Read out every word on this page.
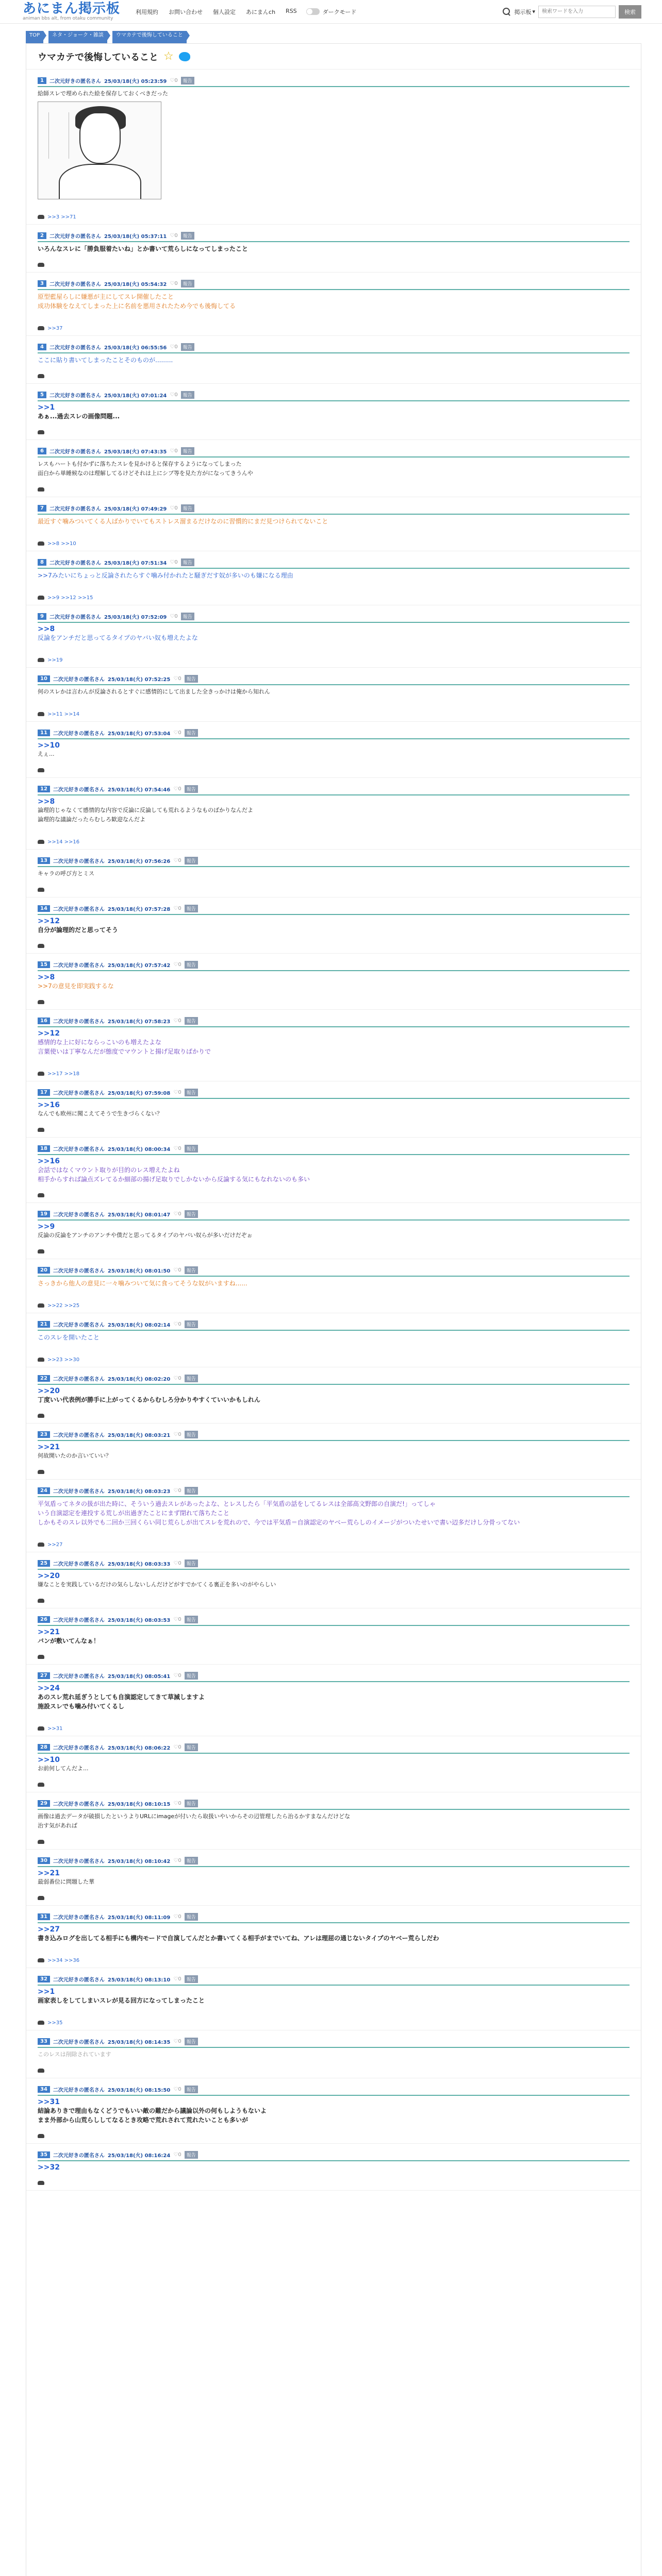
あにまん掲示板
animan bbs alt, from otaku community
利用規約 お問い合わせ 個人設定 あにまんch RSS	ダークモード	掲示板 ▾
検索ワードを入力	検索
TOP	ネタ・ジョーク・雑談	ウマカテで後悔していること
ウマカテで後悔していること ☆
1	二次元好きの匿名さん 25/03/18(火) 05:23:59 ♡0	報告
給師スレで埋められた絵を保存しておくべきだった
>>3 >>71
2	二次元好きの匿名さん 25/03/18(火) 05:37:11 ♡0	報告
いろんなスレに「勝負服着たいね」とか書いて荒らしになってしまったこと
3	二次元好きの匿名さん 25/03/18(火) 05:54:32 ♡0	報告
原型藍屋らしに嫌悪が主にしてスレ開催したこと
成功体験をなえてしまった上に名前を悪用されたため今でも後悔してる
>>37
4	二次元好きの匿名さん 25/03/18(火) 06:55:56 ♡0	報告
ここに貼り書いてしまったことそのものが.........
5	二次元好きの匿名さん 25/03/18(火) 07:01:24 ♡0	報告
>>1
あぁ...過去スレの画像問題...
6	二次元好きの匿名さん 25/03/18(火) 07:43:35 ♡0	報告
レスもハートも付かずに落ちたスレを見かけると保存するようになってしまった
面白から単睡候なのは理解してるけどそれは上にシブ等を見た方がになってきうんや
7	二次元好きの匿名さん 25/03/18(火) 07:49:29 ♡0	報告
最近すぐ噛みついてくる人ばかりでいてもストレス溜まるだけなのに習慣的にまだ見つけられてないこと
>>8 >>10
8	二次元好きの匿名さん 25/03/18(火) 07:51:34 ♡0	報告
>>7みたいにちょっと反論されたらすぐ噛み付かれたと騒ぎだす奴が多いのも嫌になる理由
>>9 >>12 >>15
9	二次元好きの匿名さん 25/03/18(火) 07:52:09 ♡0	報告
>>8
反論をアンチだと思ってるタイプのヤバい奴も増えたよな
>>19
10	二次元好きの匿名さん 25/03/18(火) 07:52:25 ♡0	報告
何のスレかは言わんが反論されるとすぐに感情的にして出ました全きっかけは俺から知れん
>>11 >>14
11	二次元好きの匿名さん 25/03/18(火) 07:53:04 ♡0	報告
>>10
えぇ...
12	二次元好きの匿名さん 25/03/18(火) 07:54:46 ♡0	報告
>>8
論理的じゃなくて感情的な内容で反論に反論しても荒れるようなものばかりなんだよ
論理的な議論だったらむしろ歓迎なんだよ
>>14 >>16
13	二次元好きの匿名さん 25/03/18(火) 07:56:26 ♡0	報告
キャラの呼び方とミス
14	二次元好きの匿名さん 25/03/18(火) 07:57:28 ♡0	報告
>>12
自分が論理的だと思ってそう
15	二次元好きの匿名さん 25/03/18(火) 07:57:42 ♡0	報告
>>8
>>7の意見を即実践するな
16	二次元好きの匿名さん 25/03/18(火) 07:58:23 ♡0	報告
>>12
感情的な上に好にならっこいのも増えたよな
言葉使いは丁寧なんだが態度でマウントと揚げ足取りばかりで
>>17 >>18
17	二次元好きの匿名さん 25/03/18(火) 07:59:08 ♡0	報告
>>16
なんでも欧州に聞こえてそうで生きづらくない？
18	二次元好きの匿名さん 25/03/18(火) 08:00:34 ♡0	報告
>>16
会話ではなくマウント取りが目的のレス増えたよね
相手からすれば論点ズレてるか細部の揚げ足取りでしかないから反論する気にもなれないのも多い
19	二次元好きの匿名さん 25/03/18(火) 08:01:47 ♡0	報告
>>9
反論の反論をアンチのアンチや僕だと思ってるタイプのヤバい奴らが多いだけだぞぉ
20	二次元好きの匿名さん 25/03/18(火) 08:01:50 ♡0	報告
さっきから他人の意見に一々噛みついて気に食ってそうな奴がいますね......
>>22 >>25
21	二次元好きの匿名さん 25/03/18(火) 08:02:14 ♡0	報告
このスレを開いたこと
>>23 >>30
22	二次元好きの匿名さん 25/03/18(火) 08:02:20 ♡0	報告
>>20
丁度いい代表例が勝手に上がってくるからむしろ分かりやすくていいかもしれん
23	二次元好きの匿名さん 25/03/18(火) 08:03:21 ♡0	報告
>>21
何故開いたのか言いていい？
24	二次元好きの匿名さん 25/03/18(火) 08:03:23 ♡0	報告
平気盾ってネタの扱が出た時に、そういう過去スレがあったよな、とレスしたら「平気盾の話をしてるレスは全部高文野郎の自演だ!」ってしゃ
いう自演認定を連投する荒しが出過ぎたことにまず閉れて落ちたこと
しかもそのスレ以外でも二回か三回くらい同じ荒らしが出てスレを荒れので、今では平気盾＝自演認定のヤベー荒らしのイメージがついたせいで書い辺多だけし分骨ってない
>>27
25	二次元好きの匿名さん 25/03/18(火) 08:03:33 ♡0	報告
>>20
嫌なことを実践しているだけの気らしないしんだけどがすでかてくる裏正を多いのがやらしい
26	二次元好きの匿名さん 25/03/18(火) 08:03:53 ♡0	報告
>>21
バンが敷いてんなぁ！
27	二次元好きの匿名さん 25/03/18(火) 08:05:41 ♡0	報告
>>24
あのスレ荒れ延ぎうとしても自演認定してきて草減しますよ
施設スレでも噛み付いてくるし
>>31
28	二次元好きの匿名さん 25/03/18(火) 08:06:22 ♡0	報告
>>10
お前何してんだよ...
29	二次元好きの匿名さん 25/03/18(火) 08:10:15 ♡0	報告
画像は過去データが破損したというよりURLにimageが付いたら取扱いやいからその辺管理したら治るかすまなんだけどな
治す気があれば
30	二次元好きの匿名さん 25/03/18(火) 08:10:42 ♡0	報告
>>21
最弱番位に問題した華
31	二次元好きの匿名さん 25/03/18(火) 08:11:09 ♡0	報告
>>27
書き込みログを出してる相手にも構内モードで自演してんだとか書いてくる相手がまでいてね、アレは理屈の通じないタイプのヤベー荒らしだわ
>>34 >>36
32	二次元好きの匿名さん 25/03/18(火) 08:13:10 ♡0	報告
>>1
画家表しをしてしまいスレが見る回方になってしまったこと
>>35
33	二次元好きの匿名さん 25/03/18(火) 08:14:35 ♡0	報告
このレスは削除されています
34	二次元好きの匿名さん 25/03/18(火) 08:15:50 ♡0	報告
>>31
結論ありきで理由もなくどうでもいい敵の難だから議論以外の何もしようもないよ
まま外部から山荒らししてなるとき攻略で荒れされて荒れたいことも多いが
35	二次元好きの匿名さん 25/03/18(火) 08:16:24 ♡0	報告
>>32
